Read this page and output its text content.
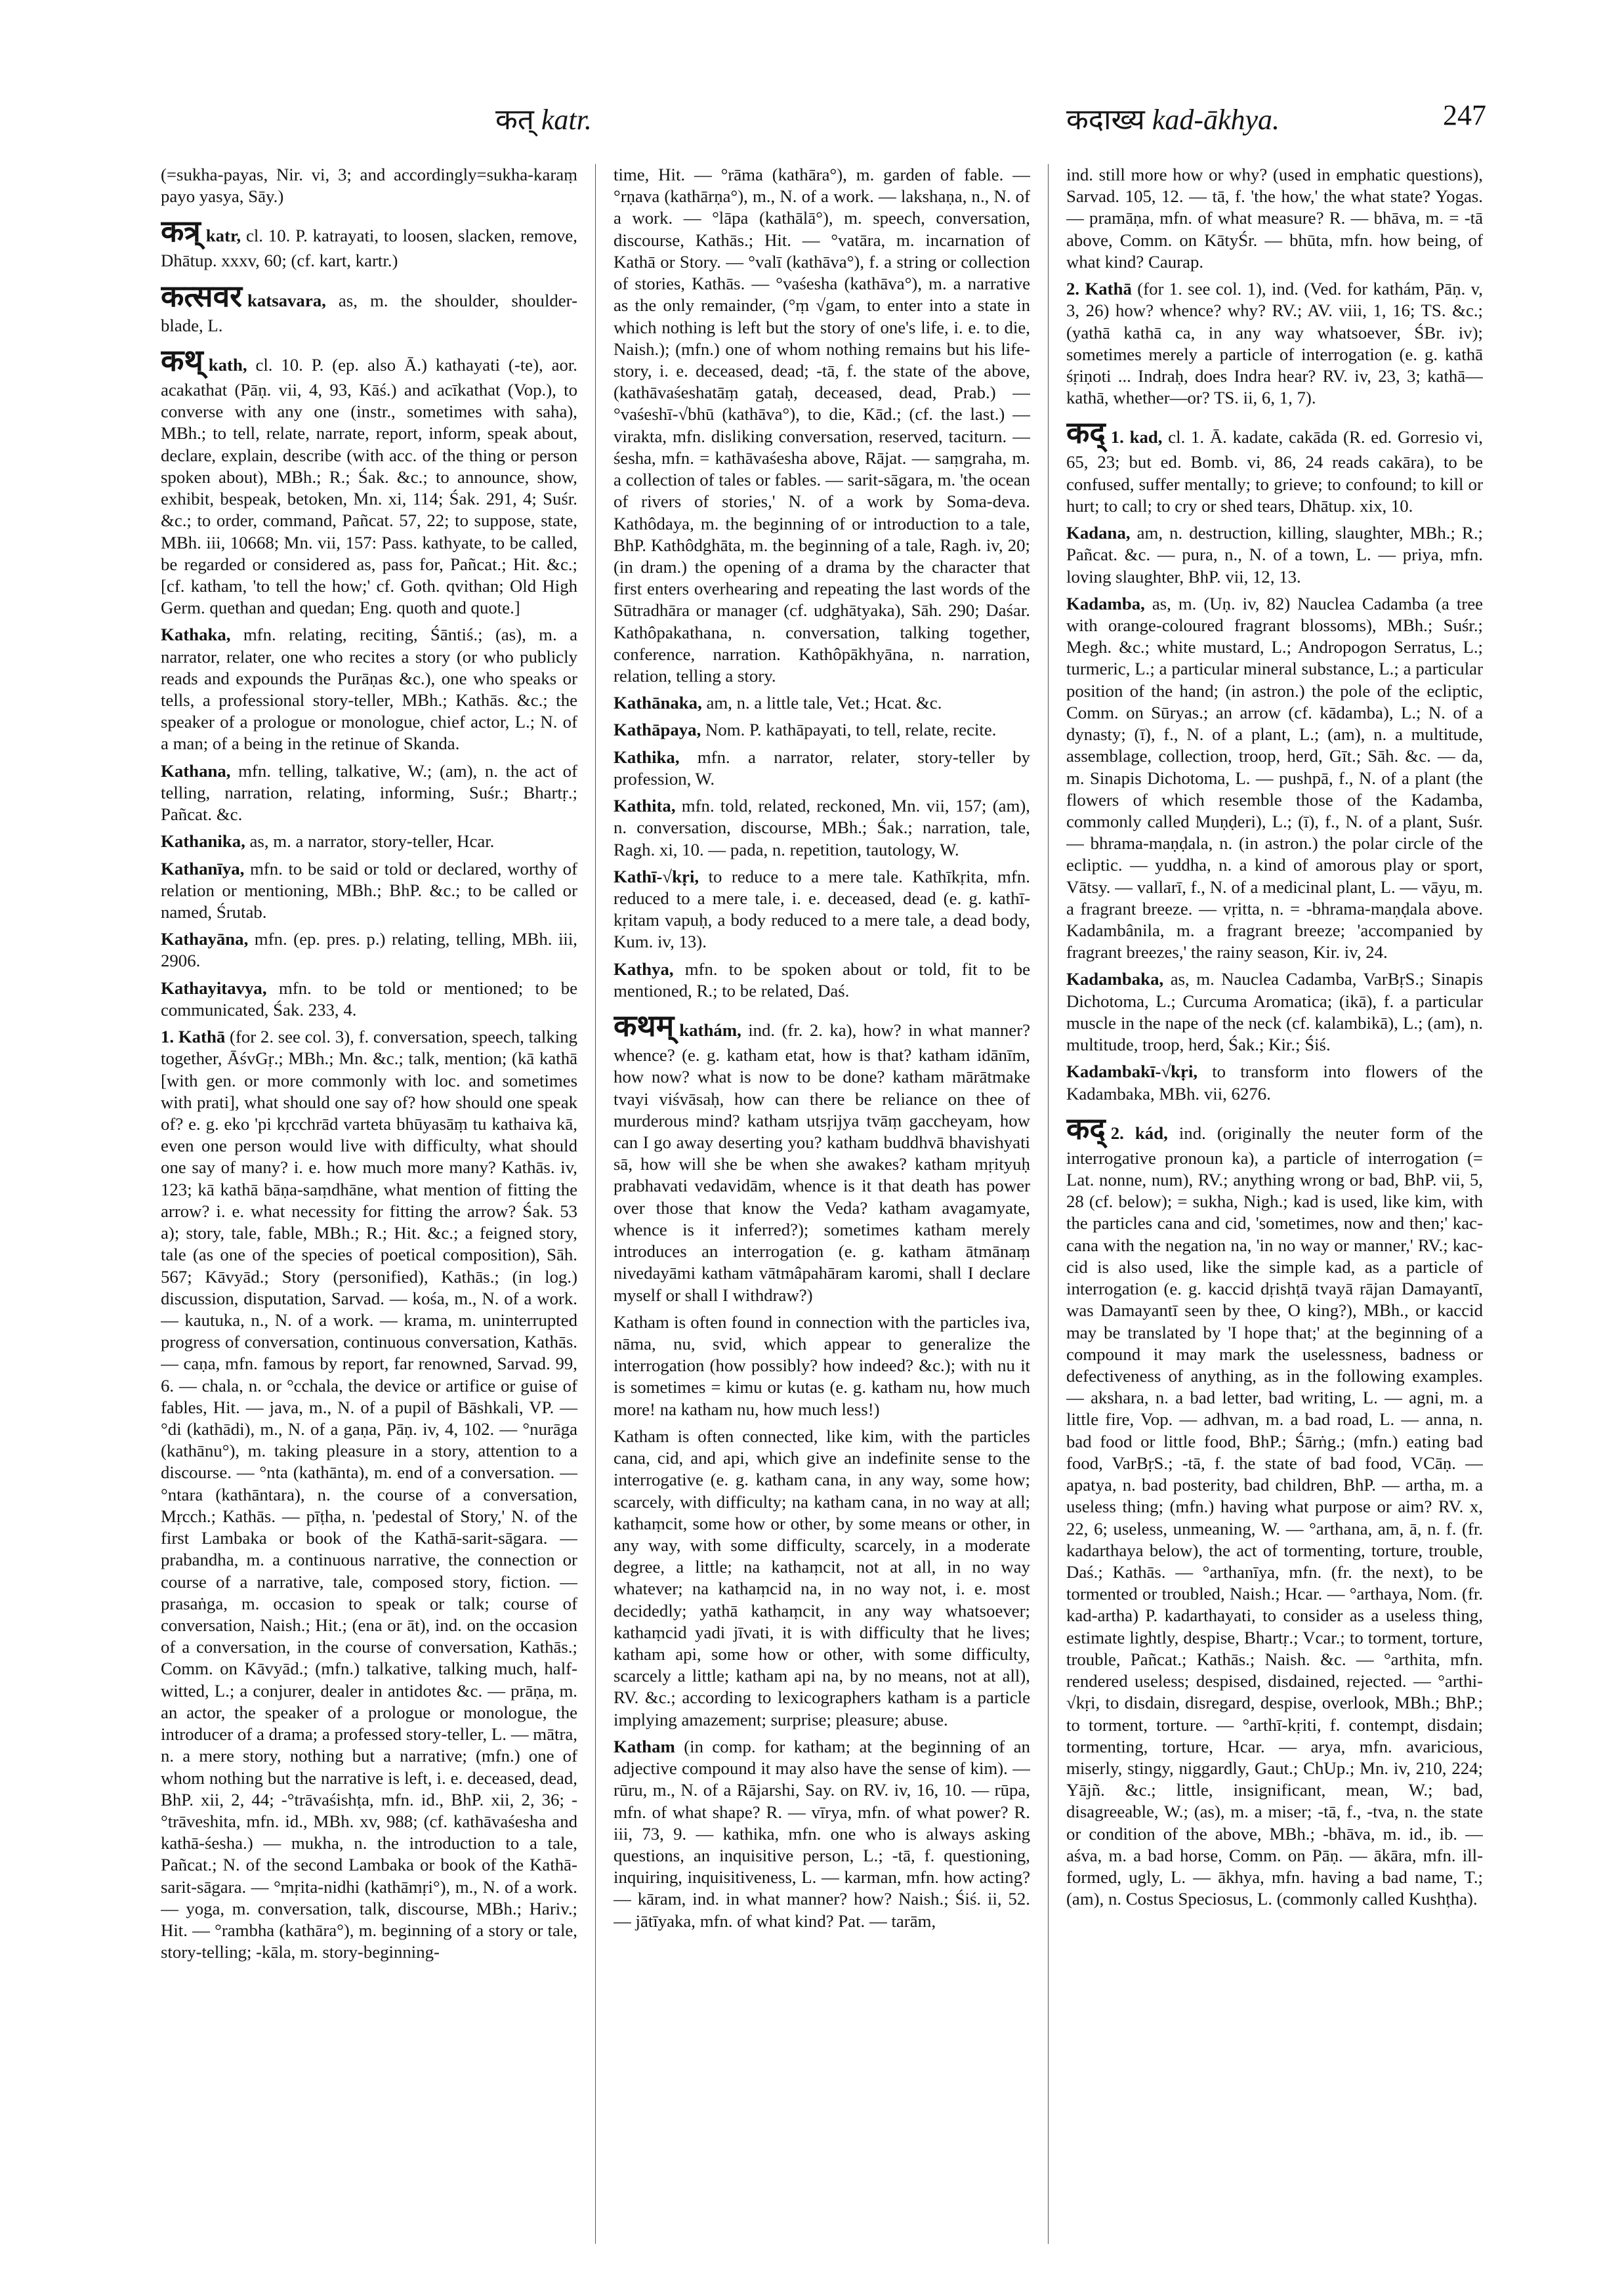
कत् katr.	कदाख्य kad-ākhya.	247

(=sukha-payas, Nir. vi, 3; and accordingly=sukha-karaṃ payo yasya, Sāy.)

कत्र् katr, cl. 10. P. katrayati, to loosen, slacken, remove, Dhātup. xxxv, 60; (cf. kart, kartr.)

कत्सवर katsavara, as, m. the shoulder, shoulder-blade, L.

कथ् kath, cl. 10. P. (ep. also Ā.) kathayati (-te), aor. acakathat (Pāṇ. vii, 4, 93, Kāś.) and acīkathat (Vop.), to converse with any one (instr., sometimes with saha), MBh.; to tell, relate, narrate, report, inform, speak about, declare, explain, describe (with acc. of the thing or person spoken about), MBh.; R.; Śak. &c.; to announce, show, exhibit, bespeak, betoken, Mn. xi, 114; Śak. 291, 4; Suśr. &c.; to order, command, Pañcat. 57, 22; to suppose, state, MBh. iii, 10668; Mn. vii, 157: Pass. kathyate, to be called, be regarded or considered as, pass for, Pañcat.; Hit. &c.; [cf. katham, 'to tell the how;' cf. Goth. qvithan; Old High Germ. quethan and quedan; Eng. quoth and quote.]

Kathaka, mfn. relating, reciting, Śāntiś.; (as), m. a narrator, relater, one who recites a story (or who publicly reads and expounds the Purāṇas &c.), one who speaks or tells, a professional story-teller, MBh.; Kathās. &c.; the speaker of a prologue or monologue, chief actor, L.; N. of a man; of a being in the retinue of Skanda.

Kathana, mfn. telling, talkative, W.; (am), n. the act of telling, narration, relating, informing, Suśr.; Bhartṛ.; Pañcat. &c.

Kathanika, as, m. a narrator, story-teller, Hcar.

Kathanīya, mfn. to be said or told or declared, worthy of relation or mentioning, MBh.; BhP. &c.; to be called or named, Śrutab.

Kathayāna, mfn. (ep. pres. p.) relating, telling, MBh. iii, 2906.

Kathayitavya, mfn. to be told or mentioned; to be communicated, Śak. 233, 4.

1. Kathā (for 2. see col. 3), f. conversation, speech, talking together, ĀśvGṛ.; MBh.; Mn. &c.; talk, mention; (kā kathā [with gen. or more commonly with loc. and sometimes with prati], what should one say of? how should one speak of? e. g. eko 'pi kṛcchrād varteta bhūyasāṃ tu kathaiva kā, even one person would live with difficulty, what should one say of many? i. e. how much more many? Kathās. iv, 123; kā kathā bāṇa-saṃdhāne, what mention of fitting the arrow? i. e. what necessity for fitting the arrow? Śak. 53 a); story, tale, fable, MBh.; R.; Hit. &c.; a feigned story, tale (as one of the species of poetical composition), Sāh. 567; Kāvyād.; Story (personified), Kathās.; (in log.) discussion, disputation, Sarvad. — kośa, m., N. of a work. — kautuka, n., N. of a work. — krama, m. uninterrupted progress of conversation, continuous conversation, Kathās. — caṇa, mfn. famous by report, far renowned, Sarvad. 99, 6. — chala, n. or °cchala, the device or artifice or guise of fables, Hit. — java, m., N. of a pupil of Bāshkali, VP. — °di (kathādi), m., N. of a gaṇa, Pāṇ. iv, 4, 102. — °nurāga (kathānu°), m. taking pleasure in a story, attention to a discourse. — °nta (kathānta), m. end of a conversation. — °ntara (kathāntara), n. the course of a conversation, Mṛcch.; Kathās. — pīṭha, n. 'pedestal of Story,' N. of the first Lambaka or book of the Kathā-sarit-sāgara. — prabandha, m. a continuous narrative, the connection or course of a narrative, tale, composed story, fiction. — prasaṅga, m. occasion to speak or talk; course of conversation, Naish.; Hit.; (ena or āt), ind. on the occasion of a conversation, in the course of conversation, Kathās.; Comm. on Kāvyād.; (mfn.) talkative, talking much, half-witted, L.; a conjurer, dealer in antidotes &c. — prāṇa, m. an actor, the speaker of a prologue or monologue, the introducer of a drama; a professed story-teller, L. — mātra, n. a mere story, nothing but a narrative; (mfn.) one of whom nothing but the narrative is left, i. e. deceased, dead, BhP. xii, 2, 44; -°trāvaśishṭa, mfn. id., BhP. xii, 2, 36; -°trāveshita, mfn. id., MBh. xv, 988; (cf. kathāvaśesha and kathā-śesha.) — mukha, n. the introduction to a tale, Pañcat.; N. of the second Lambaka or book of the Kathā-sarit-sāgara. — °mṛita-nidhi (kathāmṛi°), m., N. of a work. — yoga, m. conversation, talk, discourse, MBh.; Hariv.; Hit. — °rambha (kathāra°), m. beginning of a story or tale, story-telling; -kāla, m. story-beginning-

time, Hit. — °rāma (kathāra°), m. garden of fable. — °rṇava (kathārṇa°), m., N. of a work. — lakshaṇa, n., N. of a work. — °lāpa (kathālā°), m. speech, conversation, discourse, Kathās.; Hit. — °vatāra, m. incarnation of Kathā or Story. — °valī (kathāva°), f. a string or collection of stories, Kathās. — °vaśesha (kathāva°), m. a narrative as the only remainder, (°ṃ √gam, to enter into a state in which nothing is left but the story of one's life, i. e. to die, Naish.); (mfn.) one of whom nothing remains but his life-story, i. e. deceased, dead; -tā, f. the state of the above, (kathāvaśeshatāṃ gataḥ, deceased, dead, Prab.) — °vaśeshī-√bhū (kathāva°), to die, Kād.; (cf. the last.) — virakta, mfn. disliking conversation, reserved, taciturn. — śesha, mfn. = kathāvaśesha above, Rājat. — saṃgraha, m. a collection of tales or fables. — sarit-sāgara, m. 'the ocean of rivers of stories,' N. of a work by Soma-deva. Kathôdaya, m. the beginning of or introduction to a tale, BhP. Kathôdghāta, m. the beginning of a tale, Ragh. iv, 20; (in dram.) the opening of a drama by the character that first enters overhearing and repeating the last words of the Sūtradhāra or manager (cf. udghātyaka), Sāh. 290; Daśar. Kathôpakathana, n. conversation, talking together, conference, narration. Kathôpākhyāna, n. narration, relation, telling a story.

Kathānaka, am, n. a little tale, Vet.; Hcat. &c.

Kathāpaya, Nom. P. kathāpayati, to tell, relate, recite.

Kathika, mfn. a narrator, relater, story-teller by profession, W.

Kathita, mfn. told, related, reckoned, Mn. vii, 157; (am), n. conversation, discourse, MBh.; Śak.; narration, tale, Ragh. xi, 10. — pada, n. repetition, tautology, W.

Kathī-√kṛi, to reduce to a mere tale. Kathīkṛita, mfn. reduced to a mere tale, i. e. deceased, dead (e. g. kathī-kṛitam vapuḥ, a body reduced to a mere tale, a dead body, Kum. iv, 13).

Kathya, mfn. to be spoken about or told, fit to be mentioned, R.; to be related, Daś.

कथम् kathám, ind. (fr. 2. ka), how? in what manner? whence? (e. g. katham etat, how is that? katham idānīm, how now? what is now to be done? katham mārātmake tvayi viśvāsaḥ, how can there be reliance on thee of murderous mind? katham utsṛijya tvāṃ gaccheyam, how can I go away deserting you? katham buddhvā bhavishyati sā, how will she be when she awakes? katham mṛityuḥ prabhavati vedavidām, whence is it that death has power over those that know the Veda? katham avagamyate, whence is it inferred?); sometimes katham merely introduces an interrogation (e. g. katham ātmānaṃ nivedayāmi katham vātmâpahāram karomi, shall I declare myself or shall I withdraw?)

Katham is often found in connection with the particles iva, nāma, nu, svid, which appear to generalize the interrogation (how possibly? how indeed? &c.); with nu it is sometimes = kimu or kutas (e. g. katham nu, how much more! na katham nu, how much less!)

Katham is often connected, like kim, with the particles cana, cid, and api, which give an indefinite sense to the interrogative (e. g. katham cana, in any way, some how; scarcely, with difficulty; na katham cana, in no way at all; kathaṃcit, some how or other, by some means or other, in any way, with some difficulty, scarcely, in a moderate degree, a little; na kathaṃcit, not at all, in no way whatever; na kathaṃcid na, in no way not, i. e. most decidedly; yathā kathaṃcit, in any way whatsoever; kathaṃcid yadi jīvati, it is with difficulty that he lives; katham api, some how or other, with some difficulty, scarcely a little; katham api na, by no means, not at all), RV. &c.; according to lexicographers katham is a particle implying amazement; surprise; pleasure; abuse.

Katham (in comp. for katham; at the beginning of an adjective compound it may also have the sense of kim). — rūru, m., N. of a Rājarshi, Say. on RV. iv, 16, 10. — rūpa, mfn. of what shape? R. — vīrya, mfn. of what power? R. iii, 73, 9. — kathika, mfn. one who is always asking questions, an inquisitive person, L.; -tā, f. questioning, inquiring, inquisitiveness, L. — karman, mfn. how acting? — kāram, ind. in what manner? how? Naish.; Śiś. ii, 52. — jātīyaka, mfn. of what kind? Pat. — tarām,

ind. still more how or why? (used in emphatic questions), Sarvad. 105, 12. — tā, f. 'the how,' the what state? Yogas. — pramāṇa, mfn. of what measure? R. — bhāva, m. = -tā above, Comm. on KātyŚr. — bhūta, mfn. how being, of what kind? Caurap.

2. Kathā (for 1. see col. 1), ind. (Ved. for kathám, Pāṇ. v, 3, 26) how? whence? why? RV.; AV. viii, 1, 16; TS. &c.; (yathā kathā ca, in any way whatsoever, ŚBr. iv); sometimes merely a particle of interrogation (e. g. kathā śṛiṇoti ... Indraḥ, does Indra hear? RV. iv, 23, 3; kathā—kathā, whether—or? TS. ii, 6, 1, 7).

कद् 1. kad, cl. 1. Ā. kadate, cakāda (R. ed. Gorresio vi, 65, 23; but ed. Bomb. vi, 86, 24 reads cakāra), to be confused, suffer mentally; to grieve; to confound; to kill or hurt; to call; to cry or shed tears, Dhātup. xix, 10.

Kadana, am, n. destruction, killing, slaughter, MBh.; R.; Pañcat. &c. — pura, n., N. of a town, L. — priya, mfn. loving slaughter, BhP. vii, 12, 13.

Kadamba, as, m. (Uṇ. iv, 82) Nauclea Cadamba (a tree with orange-coloured fragrant blossoms), MBh.; Suśr.; Megh. &c.; white mustard, L.; Andropogon Serratus, L.; turmeric, L.; a particular mineral substance, L.; a particular position of the hand; (in astron.) the pole of the ecliptic, Comm. on Sūryas.; an arrow (cf. kādamba), L.; N. of a dynasty; (ī), f., N. of a plant, L.; (am), n. a multitude, assemblage, collection, troop, herd, Gīt.; Sāh. &c. — da, m. Sinapis Dichotoma, L. — pushpā, f., N. of a plant (the flowers of which resemble those of the Kadamba, commonly called Muṇḍeri), L.; (ī), f., N. of a plant, Suśr. — bhrama-maṇḍala, n. (in astron.) the polar circle of the ecliptic. — yuddha, n. a kind of amorous play or sport, Vātsy. — vallarī, f., N. of a medicinal plant, L. — vāyu, m. a fragrant breeze. — vṛitta, n. = -bhrama-maṇḍala above. Kadambânila, m. a fragrant breeze; 'accompanied by fragrant breezes,' the rainy season, Kir. iv, 24.

Kadambaka, as, m. Nauclea Cadamba, VarBṛS.; Sinapis Dichotoma, L.; Curcuma Aromatica; (ikā), f. a particular muscle in the nape of the neck (cf. kalambikā), L.; (am), n. multitude, troop, herd, Śak.; Kir.; Śiś.

Kadambakī-√kṛi, to transform into flowers of the Kadambaka, MBh. vii, 6276.

कद् 2. kád, ind. (originally the neuter form of the interrogative pronoun ka), a particle of interrogation (= Lat. nonne, num), RV.; anything wrong or bad, BhP. vii, 5, 28 (cf. below); = sukha, Nigh.; kad is used, like kim, with the particles cana and cid, 'sometimes, now and then;' kac-cana with the negation na, 'in no way or manner,' RV.; kac-cid is also used, like the simple kad, as a particle of interrogation (e. g. kaccid dṛishṭā tvayā rājan Damayantī, was Damayantī seen by thee, O king?), MBh., or kaccid may be translated by 'I hope that;' at the beginning of a compound it may mark the uselessness, badness or defectiveness of anything, as in the following examples. — akshara, n. a bad letter, bad writing, L. — agni, m. a little fire, Vop. — adhvan, m. a bad road, L. — anna, n. bad food or little food, BhP.; Śārṅg.; (mfn.) eating bad food, VarBṛS.; -tā, f. the state of bad food, VCāṇ. — apatya, n. bad posterity, bad children, BhP. — artha, m. a useless thing; (mfn.) having what purpose or aim? RV. x, 22, 6; useless, unmeaning, W. — °arthana, am, ā, n. f. (fr. kadarthaya below), the act of tormenting, torture, trouble, Daś.; Kathās. — °arthanīya, mfn. (fr. the next), to be tormented or troubled, Naish.; Hcar. — °arthaya, Nom. (fr. kad-artha) P. kadarthayati, to consider as a useless thing, estimate lightly, despise, Bhartṛ.; Vcar.; to torment, torture, trouble, Pañcat.; Kathās.; Naish. &c. — °arthita, mfn. rendered useless; despised, disdained, rejected. — °arthi-√kṛi, to disdain, disregard, despise, overlook, MBh.; BhP.; to torment, torture. — °arthī-kṛiti, f. contempt, disdain; tormenting, torture, Hcar. — arya, mfn. avaricious, miserly, stingy, niggardly, Gaut.; ChUp.; Mn. iv, 210, 224; Yājñ. &c.; little, insignificant, mean, W.; bad, disagreeable, W.; (as), m. a miser; -tā, f., -tva, n. the state or condition of the above, MBh.; -bhāva, m. id., ib. — aśva, m. a bad horse, Comm. on Pāṇ. — ākāra, mfn. ill-formed, ugly, L. — ākhya, mfn. having a bad name, T.; (am), n. Costus Speciosus, L. (commonly called Kushṭha).
